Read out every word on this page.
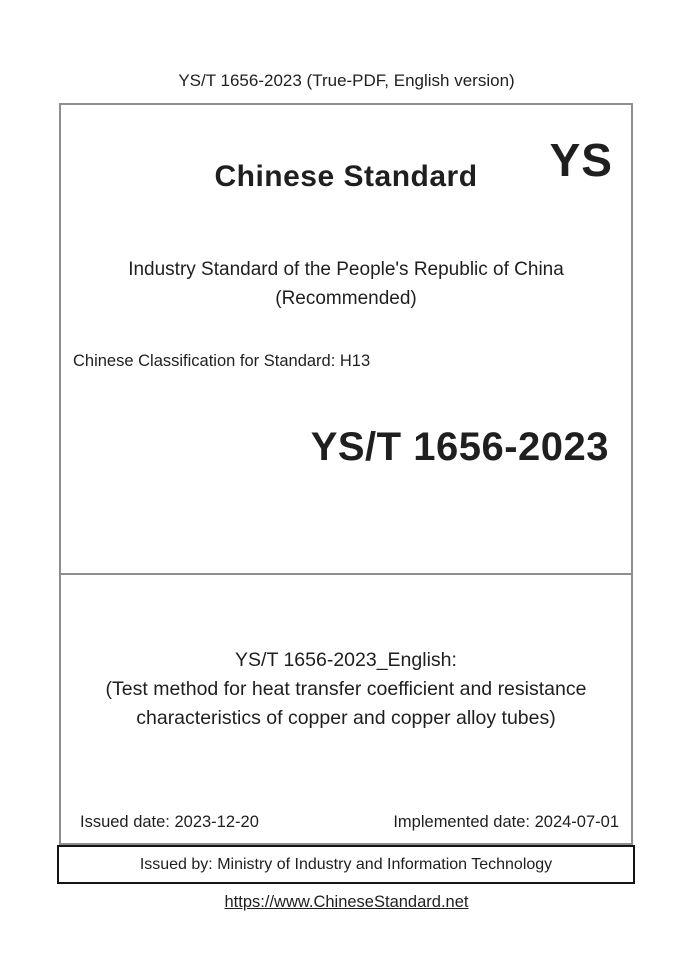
YS/T 1656-2023 (True-PDF, English version)
Chinese Standard	YS
Industry Standard of the People's Republic of China
(Recommended)
Chinese Classification for Standard: H13
YS/T 1656-2023
YS/T 1656-2023_English:
(Test method for heat transfer coefficient and resistance
characteristics of copper and copper alloy tubes)
Issued date: 2023-12-20	Implemented date: 2024-07-01
Issued by: Ministry of Industry and Information Technology
https://www.ChineseStandard.net
